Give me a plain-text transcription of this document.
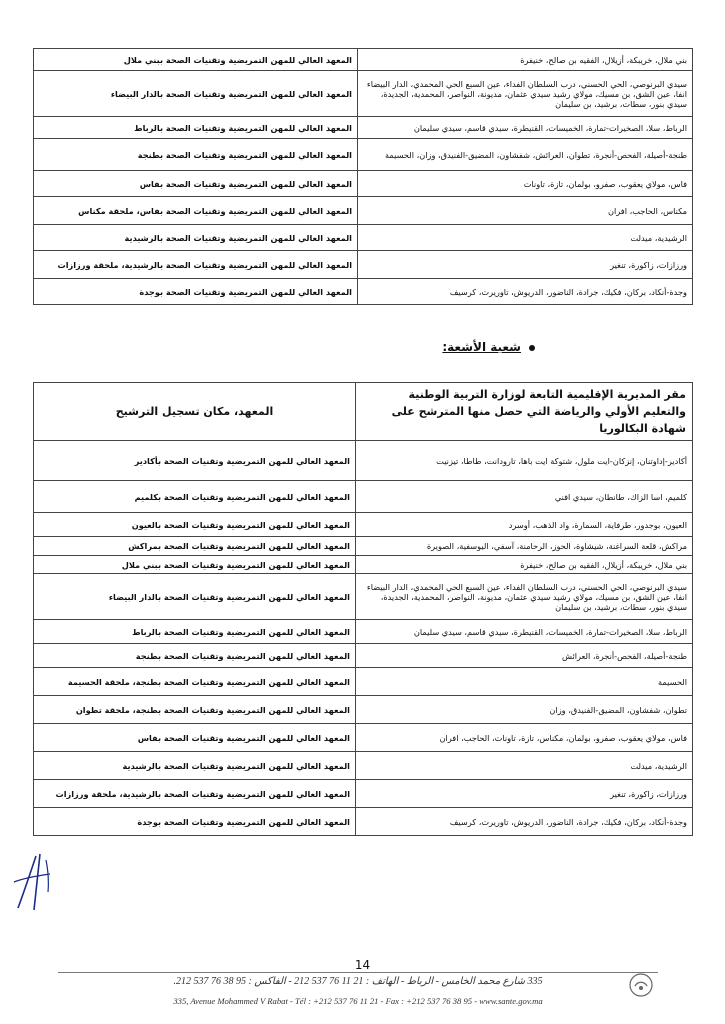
بني ملال، خريبكة، أزيلال، الفقيه بن صالح، خنيفرة	المعهد العالي للمهن التمريضية وتقنيات الصحة ببني ملال
سيدي البرنوصي، الحي الحسني، درب السلطان الفداء، عين السبع الحي المحمدي، الدار البيضاء انفا، عين الشق، بن مسيك، مولاي رشيد سيدي عثمان، مديونة، النواصر، المحمدية، الجديدة، سيدي بنور، سطات، برشيد، بن سليمان	المعهد العالي للمهن التمريضية وتقنيات الصحة بالدار البيضاء
الرباط، سلا، الصخيرات-تمارة، الخميسات، القنيطرة، سيدي قاسم، سيدي سليمان	المعهد العالي للمهن التمريضية وتقنيات الصحة بالرباط
طنجة-أصيلة، الفحص-أنجرة، تطوان، العرائش، شفشاون، المضيق-الفنيدق، وزان، الحسيمة	المعهد العالي للمهن التمريضية وتقنيات الصحة بطنجة
فاس، مولاي يعقوب، صفرو، بولمان، تازة، تاونات	المعهد العالي للمهن التمريضية وتقنيات الصحة بفاس
مكناس، الحاجب، افران	المعهد العالي للمهن التمريضية وتقنيات الصحة بفاس، ملحقة مكناس
الرشيدية، ميدلت	المعهد العالي للمهن التمريضية وتقنيات الصحة بالرشيدية
ورزازات، زاكورة، تنغير	المعهد العالي للمهن التمريضية وتقنيات الصحة بالرشيدية، ملحقة ورزازات
وجدة-أنكاد، بركان، فكيك، جرادة، الناضور، الدريوش، تاوريرت، كرسيف	المعهد العالي للمهن التمريضية وتقنيات الصحة بوجدة
شعبة الأشعة:
مقر المديرية الإقليمية التابعة لوزارة التربية الوطنية والتعليم الأولي والرياضة التي حصل منها المترشح على شهادة البكالوريا	المعهد، مكان تسجيل الترشيح
أكادير-إداوتنان، إنزكان-ايت ملول، شتوكة ايت باها، تارودانت، طاطا، تيزنيت	المعهد العالي للمهن التمريضية وتقنيات الصحة بأكادير
كلميم، اسا الزاك، طانطان، سيدي افني	المعهد العالي للمهن التمريضية وتقنيات الصحة بكلميم
العيون، بوجدور، طرفاية، السمارة، واد الذهب، أوسرد	المعهد العالي للمهن التمريضية وتقنيات الصحة بالعيون
مراكش، قلعة السراغنة، شيشاوة، الحوز، الرحامنة، آسفي، اليوسفية، الصويرة	المعهد العالي للمهن التمريضية وتقنيات الصحة بمراكش
بني ملال، خريبكة، أزيلال، الفقيه بن صالح، خنيفرة	المعهد العالي للمهن التمريضية وتقنيات الصحة ببني ملال
سيدي البرنوصي، الحي الحسني، درب السلطان الفداء، عين السبع الحي المحمدي، الدار البيضاء انفا، عين الشق، بن مسيك، مولاي رشيد سيدي عثمان، مديونة، النواصر، المحمدية، الجديدة، سيدي بنور، سطات، برشيد، بن سليمان	المعهد العالي للمهن التمريضية وتقنيات الصحة بالدار البيضاء
الرباط، سلا، الصخيرات-تمارة، الخميسات، القنيطرة، سيدي قاسم، سيدي سليمان	المعهد العالي للمهن التمريضية وتقنيات الصحة بالرباط
طنجة-أصيلة، الفحص-أنجرة، العرائش	المعهد العالي للمهن التمريضية وتقنيات الصحة بطنجة
الحسيمة	المعهد العالي للمهن التمريضية وتقنيات الصحة بطنجة، ملحقة الحسيمة
تطوان، شفشاون، المضيق-الفنيدق، وزان	المعهد العالي للمهن التمريضية وتقنيات الصحة بطنجة، ملحقة تطوان
فاس، مولاي يعقوب، صفرو، بولمان، مكناس، تازة، تاونات، الحاجب، افران	المعهد العالي للمهن التمريضية وتقنيات الصحة بفاس
الرشيدية، ميدلت	المعهد العالي للمهن التمريضية وتقنيات الصحة بالرشيدية
ورزازات، زاكورة، تنغير	المعهد العالي للمهن التمريضية وتقنيات الصحة بالرشيدية، ملحقة ورزازات
وجدة-أنكاد، بركان، فكيك، جرادة، الناضور، الدريوش، تاوريرت، كرسيف	المعهد العالي للمهن التمريضية وتقنيات الصحة بوجدة
14
335 شارع محمد الخامس - الرباط - الهاتف : 21 11 76 537 212 - الفاكس : 95 38 76 537 212.
335, Avenue Mohammed V Rabat - Tél : +212 537 76 11 21 - Fax : +212 537 76 38 95 - www.sante.gov.ma
